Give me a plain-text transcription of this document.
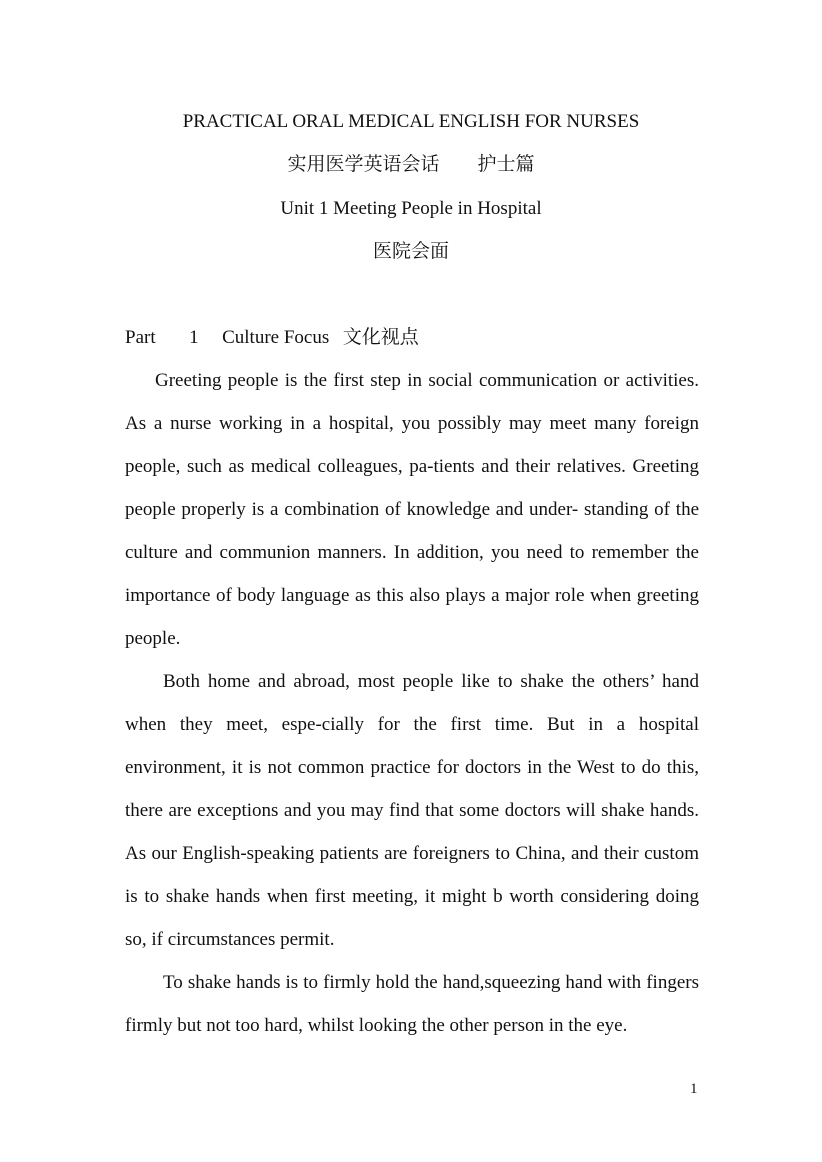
PRACTICAL ORAL MEDICAL ENGLISH FOR NURSES
实用医学英语会话 护士篇
Unit 1 Meeting People in Hospital
医院会面
Part 1 Culture Focus 文化视点

Greeting people is the first step in social communication or activities. As a nurse working in a hospital, you possibly may meet many foreign people, such as medical colleagues, pa-tients and their relatives. Greeting people properly is a combination of knowledge and under- standing of the culture and communion manners. In addition, you need to remember the importance of body language as this also plays a major role when greeting people.

Both home and abroad, most people like to shake the others’ hand when they meet, espe-cially for the first time. But in a hospital environment, it is not common practice for doctors in the West to do this, there are exceptions and you may find that some doctors will shake hands. As our English-speaking patients are foreigners to China, and their custom is to shake hands when first meeting, it might b worth considering doing so, if circumstances permit.

To shake hands is to firmly hold the hand,squeezing hand with fingers firmly but not too hard, whilst looking the other person in the eye.

1
